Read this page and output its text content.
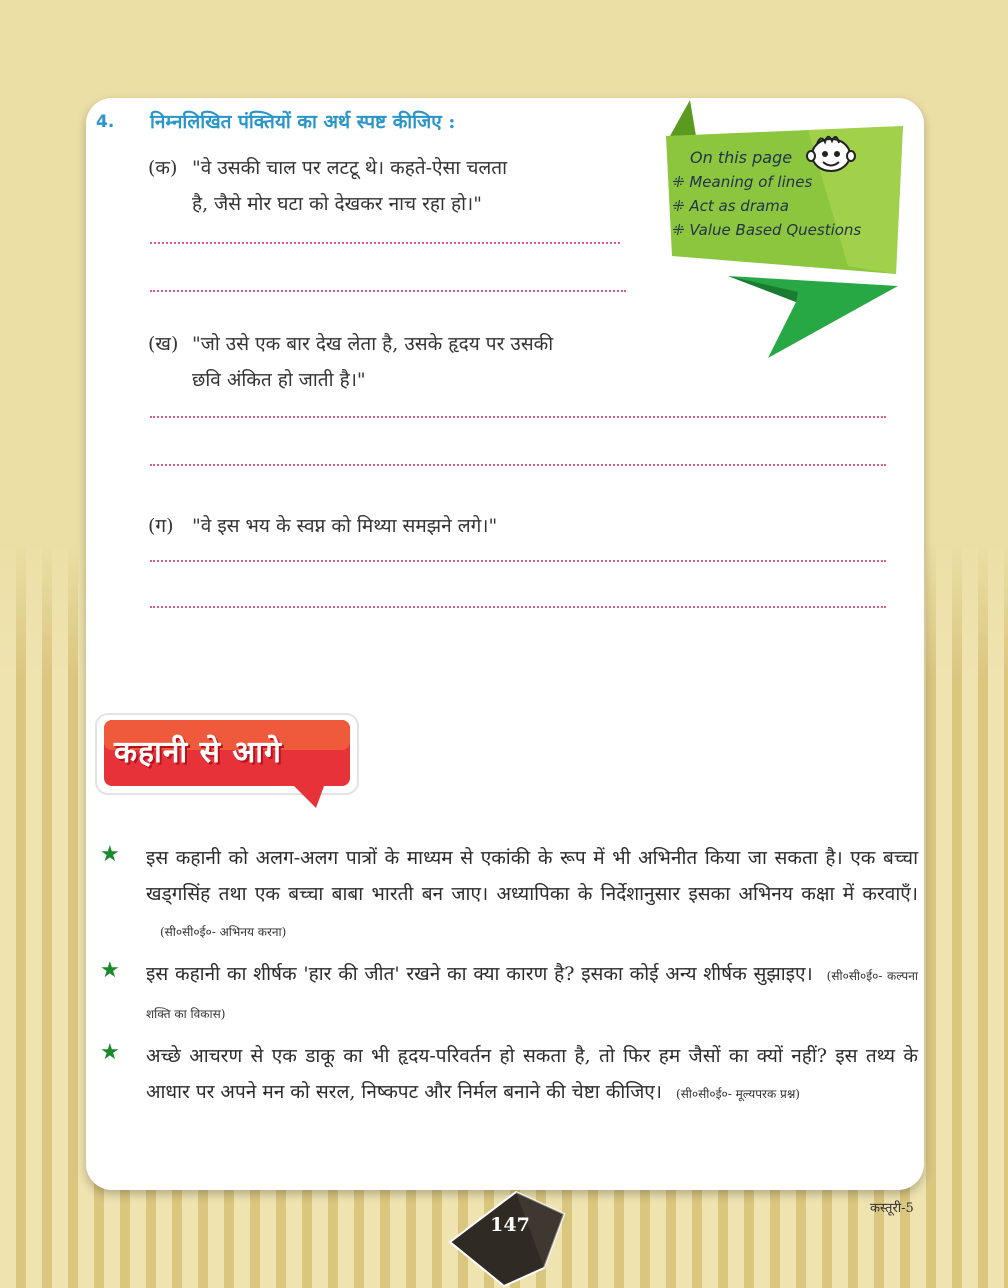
4. निम्नलिखित पंक्तियों का अर्थ स्पष्ट कीजिए :
(क) "वे उसकी चाल पर लटटू थे। कहते-ऐसा चलता
है, जैसे मोर घटा को देखकर नाच रहा हो।"
(ख) "जो उसे एक बार देख लेता है, उसके हृदय पर उसकी
छवि अंकित हो जाती है।"
(ग) "वे इस भय के स्वप्न को मिथ्या समझने लगे।"
On this page
⁜ Meaning of lines
⁜ Act as drama
⁜ Value Based Questions
कहानी से आगे
★ इस कहानी को अलग-अलग पात्रों के माध्यम से एकांकी के रूप में भी अभिनीत किया जा सकता है। एक बच्चा खड्गसिंह तथा एक बच्चा बाबा भारती बन जाए। अध्यापिका के निर्देशानुसार इसका अभिनय कक्षा में करवाएँ।(सी०सी०ई०- अभिनय करना)
★ इस कहानी का शीर्षक 'हार की जीत' रखने का क्या कारण है? इसका कोई अन्य शीर्षक सुझाइए। (सी०सी०ई०- कल्पना शक्ति का विकास)
★ अच्छे आचरण से एक डाकू का भी हृदय-परिवर्तन हो सकता है, तो फिर हम जैसों का क्यों नहीं? इस तथ्य के आधार पर अपने मन को सरल, निष्कपट और निर्मल बनाने की चेष्टा कीजिए। (सी०सी०ई०- मूल्यपरक प्रश्न)
147
कस्तूरी-5
